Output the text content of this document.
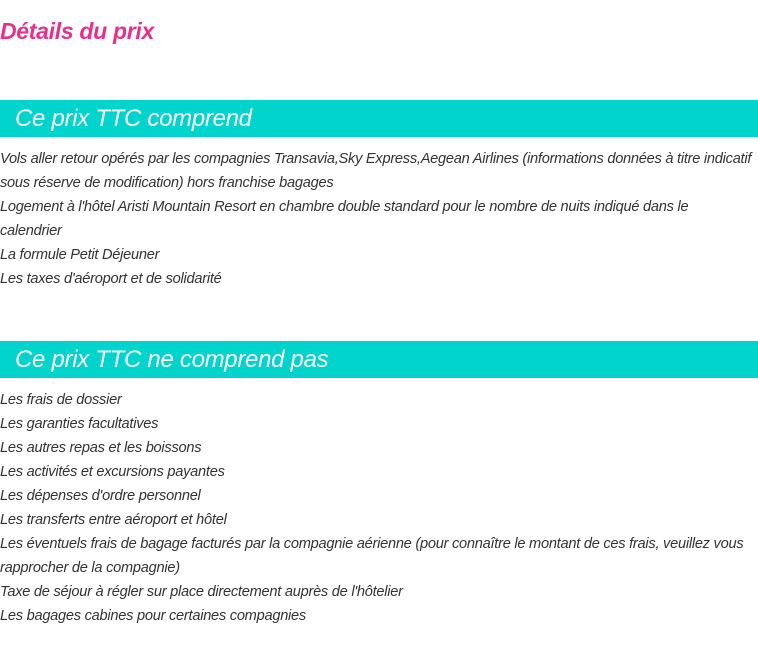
Détails du prix
Ce prix TTC comprend
Vols aller retour opérés par les compagnies Transavia,Sky Express,Aegean Airlines (informations données à titre indicatif sous réserve de modification) hors franchise bagages
Logement à l'hôtel Aristi Mountain Resort en chambre double standard pour le nombre de nuits indiqué dans le calendrier
La formule Petit Déjeuner
Les taxes d'aéroport et de solidarité
Ce prix TTC ne comprend pas
Les frais de dossier
Les garanties facultatives
Les autres repas et les boissons
Les activités et excursions payantes
Les dépenses d'ordre personnel
Les transferts entre aéroport et hôtel
Les éventuels frais de bagage facturés par la compagnie aérienne (pour connaître le montant de ces frais, veuillez vous rapprocher de la compagnie)
Taxe de séjour à régler sur place directement auprès de l'hôtelier
Les bagages cabines pour certaines compagnies
